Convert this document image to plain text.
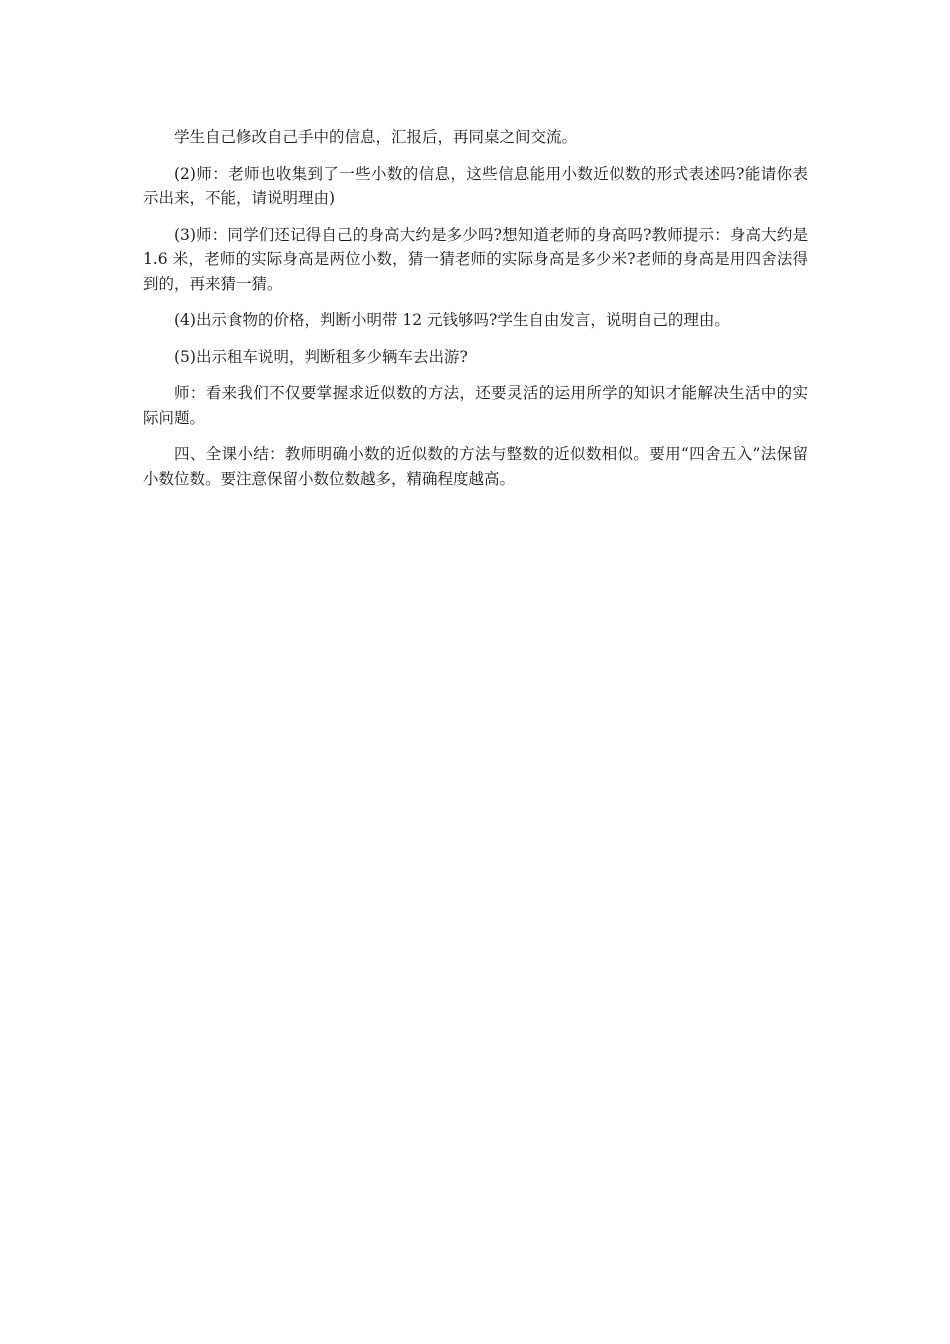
学生自己修改自己手中的信息，汇报后，再同桌之间交流。

(2)师：老师也收集到了一些小数的信息，这些信息能用小数近似数的形式表述吗?能请你表示出来，不能，请说明理由)

(3)师：同学们还记得自己的身高大约是多少吗?想知道老师的身高吗?教师提示：身高大约是 1.6 米，老师的实际身高是两位小数，猜一猜老师的实际身高是多少米?老师的身高是用四舍法得到的，再来猜一猜。

(4)出示食物的价格，判断小明带 12 元钱够吗?学生自由发言，说明自己的理由。

(5)出示租车说明，判断租多少辆车去出游?

师：看来我们不仅要掌握求近似数的方法，还要灵活的运用所学的知识才能解决生活中的实际问题。

四、全课小结：教师明确小数的近似数的方法与整数的近似数相似。要用“四舍五入”法保留小数位数。要注意保留小数位数越多，精确程度越高。
